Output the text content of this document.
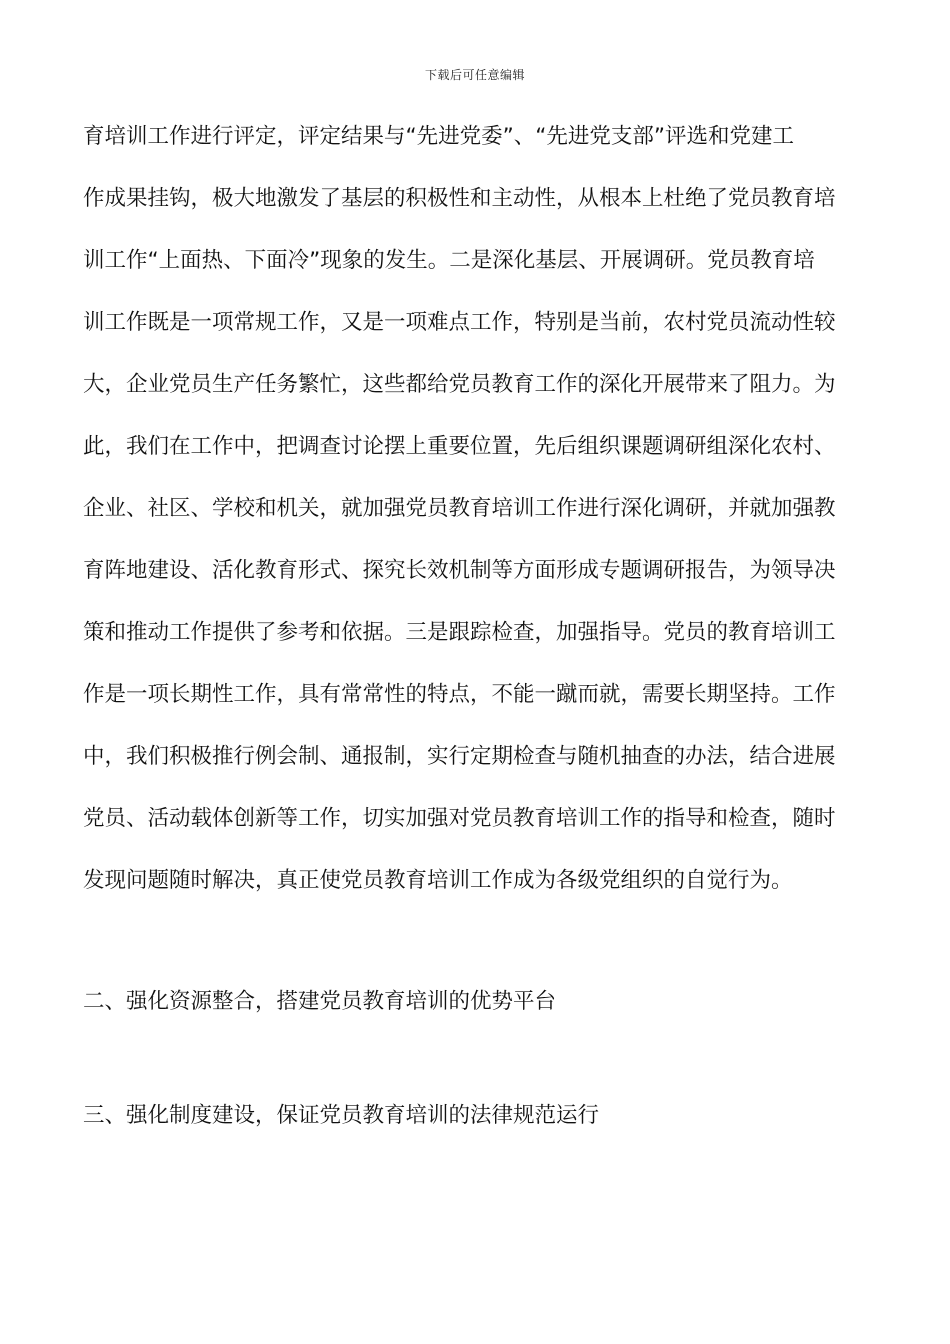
下载后可任意编辑
育培训工作进行评定，评定结果与“先进党委”、“先进党支部”评选和党建工
作成果挂钩，极大地激发了基层的积极性和主动性，从根本上杜绝了党员教育培
训工作“上面热、下面冷”现象的发生。二是深化基层、开展调研。党员教育培
训工作既是一项常规工作，又是一项难点工作，特别是当前，农村党员流动性较
大，企业党员生产任务繁忙，这些都给党员教育工作的深化开展带来了阻力。为
此，我们在工作中，把调查讨论摆上重要位置，先后组织课题调研组深化农村、
企业、社区、学校和机关，就加强党员教育培训工作进行深化调研，并就加强教
育阵地建设、活化教育形式、探究长效机制等方面形成专题调研报告，为领导决
策和推动工作提供了参考和依据。三是跟踪检查，加强指导。党员的教育培训工
作是一项长期性工作，具有常常性的特点，不能一蹴而就，需要长期坚持。工作
中，我们积极推行例会制、通报制，实行定期检查与随机抽查的办法，结合进展
党员、活动载体创新等工作，切实加强对党员教育培训工作的指导和检查，随时
发现问题随时解决，真正使党员教育培训工作成为各级党组织的自觉行为。
二、强化资源整合，搭建党员教育培训的优势平台
三、强化制度建设，保证党员教育培训的法律规范运行
